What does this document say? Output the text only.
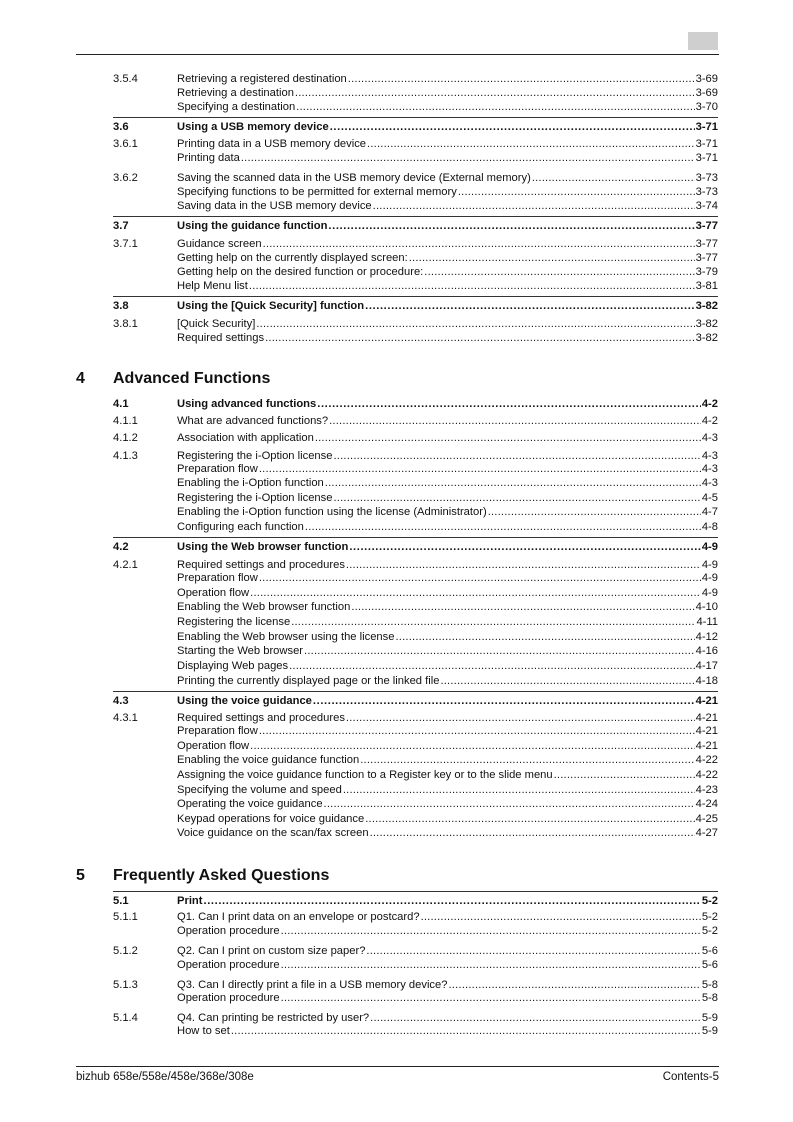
3.5.4	Retrieving a registered destination .....	3-69
Retrieving a destination .....	3-69
Specifying a destination .....	3-70
3.6	Using a USB memory device .....	3-71
3.6.1	Printing data in a USB memory device .....	3-71
Printing data .....	3-71
3.6.2	Saving the scanned data in the USB memory device (External memory) .....	3-73
Specifying functions to be permitted for external memory .....	3-73
Saving data in the USB memory device .....	3-74
3.7	Using the guidance function .....	3-77
3.7.1	Guidance screen .....	3-77
Getting help on the currently displayed screen: .....	3-77
Getting help on the desired function or procedure: .....	3-79
Help Menu list .....	3-81
3.8	Using the [Quick Security] function .....	3-82
3.8.1	[Quick Security] .....	3-82
Required settings .....	3-82
4 Advanced Functions
4.1	Using advanced functions .....	4-2
4.1.1	What are advanced functions? .....	4-2
4.1.2	Association with application .....	4-3
4.1.3	Registering the i-Option license .....	4-3
Preparation flow .....	4-3
Enabling the i-Option function .....	4-3
Registering the i-Option license .....	4-5
Enabling the i-Option function using the license (Administrator) .....	4-7
Configuring each function .....	4-8
4.2	Using the Web browser function .....	4-9
4.2.1	Required settings and procedures .....	4-9
Preparation flow .....	4-9
Operation flow .....	4-9
Enabling the Web browser function .....	4-10
Registering the license .....	4-11
Enabling the Web browser using the license .....	4-12
Starting the Web browser .....	4-16
Displaying Web pages .....	4-17
Printing the currently displayed page or the linked file .....	4-18
4.3	Using the voice guidance .....	4-21
4.3.1	Required settings and procedures .....	4-21
Preparation flow .....	4-21
Operation flow .....	4-21
Enabling the voice guidance function .....	4-22
Assigning the voice guidance function to a Register key or to the slide menu .....	4-22
Specifying the volume and speed .....	4-23
Operating the voice guidance .....	4-24
Keypad operations for voice guidance .....	4-25
Voice guidance on the scan/fax screen .....	4-27
5 Frequently Asked Questions
5.1	Print .....	5-2
5.1.1	Q1. Can I print data on an envelope or postcard? .....	5-2
Operation procedure .....	5-2
5.1.2	Q2. Can I print on custom size paper? .....	5-6
Operation procedure .....	5-6
5.1.3	Q3. Can I directly print a file in a USB memory device? .....	5-8
Operation procedure .....	5-8
5.1.4	Q4. Can printing be restricted by user? .....	5-9
How to set .....	5-9
bizhub 658e/558e/458e/368e/308e	Contents-5
